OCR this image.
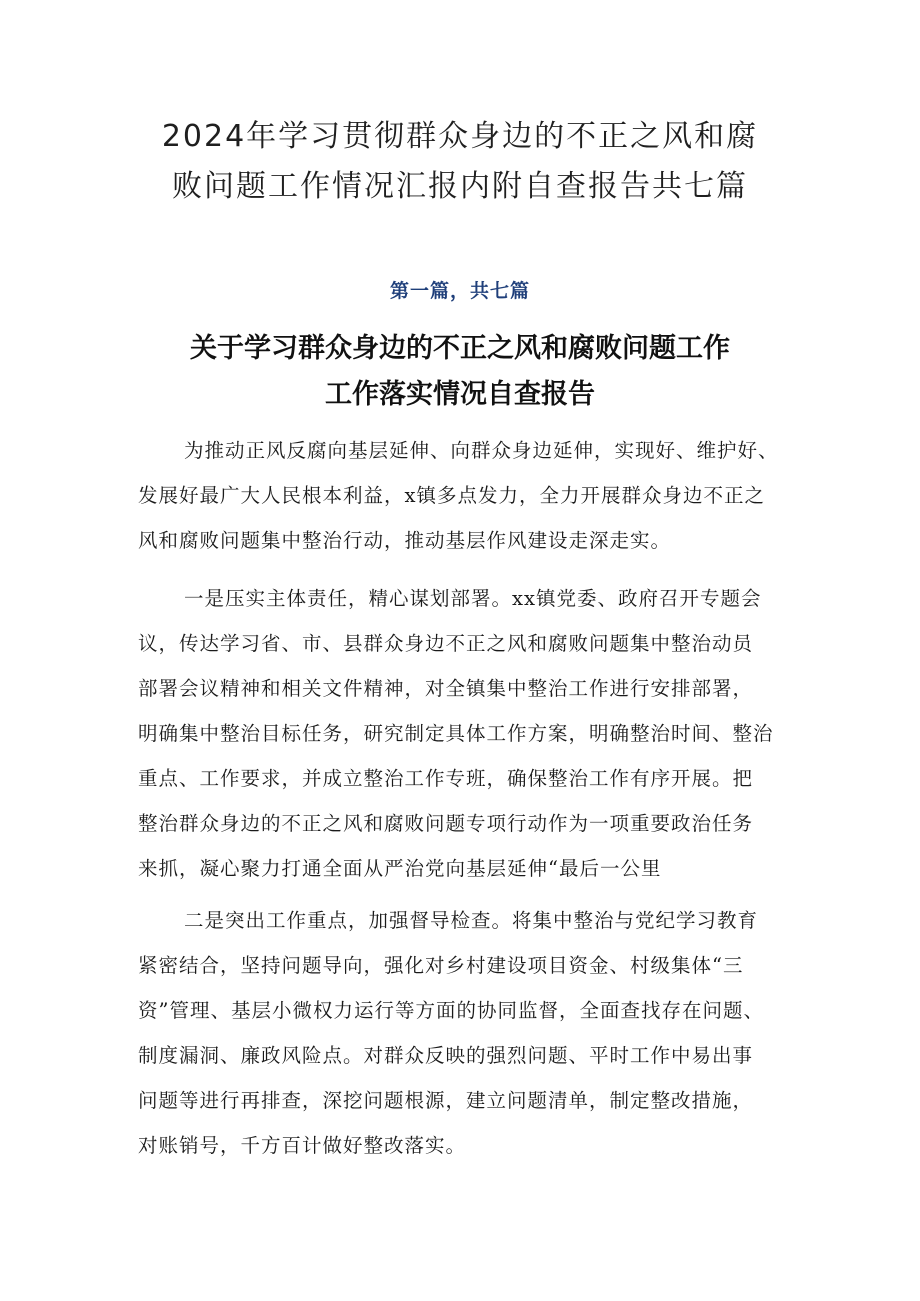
2024年学习贯彻群众身边的不正之风和腐
败问题工作情况汇报内附自查报告共七篇

第一篇，共七篇

关于学习群众身边的不正之风和腐败问题工作
工作落实情况自查报告

为推动正风反腐向基层延伸、向群众身边延伸，实现好、维护好、
发展好最广大人民根本利益，x镇多点发力，全力开展群众身边不正之
风和腐败问题集中整治行动，推动基层作风建设走深走实。

一是压实主体责任，精心谋划部署。xx镇党委、政府召开专题会
议，传达学习省、市、县群众身边不正之风和腐败问题集中整治动员
部署会议精神和相关文件精神，对全镇集中整治工作进行安排部署，
明确集中整治目标任务，研究制定具体工作方案，明确整治时间、整治
重点、工作要求，并成立整治工作专班，确保整治工作有序开展。把
整治群众身边的不正之风和腐败问题专项行动作为一项重要政治任务
来抓，凝心聚力打通全面从严治党向基层延伸“最后一公里

二是突出工作重点，加强督导检查。将集中整治与党纪学习教育
紧密结合，坚持问题导向，强化对乡村建设项目资金、村级集体“三
资”管理、基层小微权力运行等方面的协同监督，全面查找存在问题、
制度漏洞、廉政风险点。对群众反映的强烈问题、平时工作中易出事
问题等进行再排查，深挖问题根源，建立问题清单，制定整改措施，
对账销号，千方百计做好整改落实。
